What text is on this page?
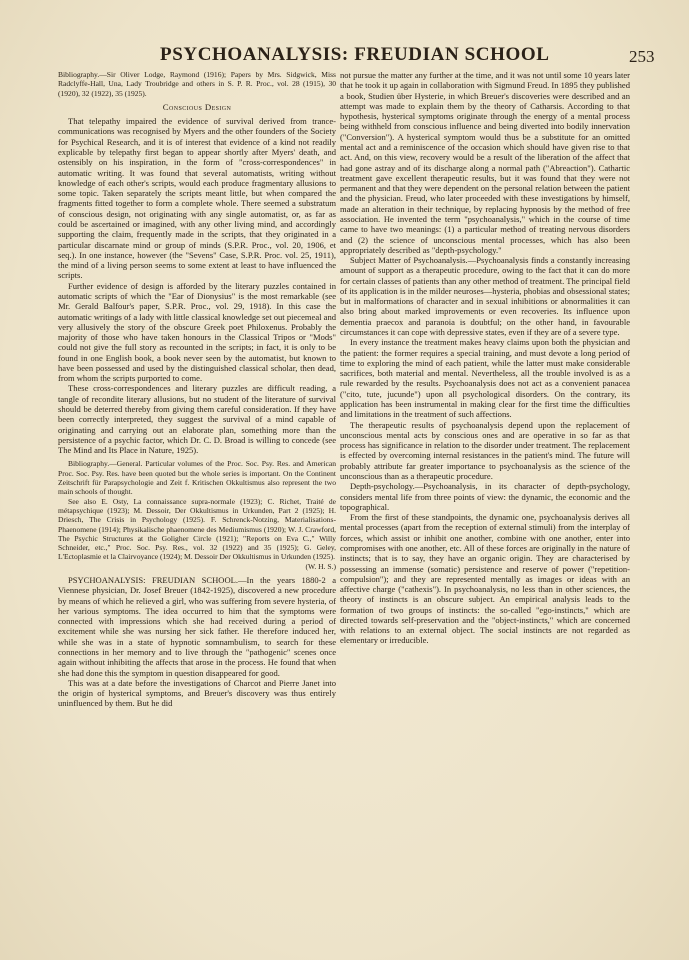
PSYCHOANALYSIS: FREUDIAN SCHOOL	253

Bibliography.—Sir Oliver Lodge, Raymond (1916); Papers by Mrs. Sidgwick, Miss Radclyffe-Hall, Una, Lady Troubridge and others in S. P. R. Proc., vol. 28 (1915), 30 (1920), 32 (1922), 35 (1925).

Conscious Design

That telepathy impaired the evidence of survival derived from trance-communications was recognised by Myers and the other founders of the Society for Psychical Research, and it is of interest that evidence of a kind not readily explicable by telepathy first began to appear shortly after Myers' death, and ostensibly on his inspiration, in the form of "cross-correspondences" in automatic writing. It was found that several automatists, writing without knowledge of each other's scripts, would each produce fragmentary allusions to some topic. Taken separately the scripts meant little, but when compared the fragments fitted together to form a complete whole. There seemed a substratum of conscious design, not originating with any single automatist, or, as far as could be ascertained or imagined, with any other living mind, and accordingly supporting the claim, frequently made in the scripts, that they originated in a particular discarnate mind or group of minds (S.P.R. Proc., vol. 20, 1906, et seq.). In one instance, however (the "Sevens" Case, S.P.R. Proc. vol. 25, 1911), the mind of a living person seems to some extent at least to have influenced the scripts.

Further evidence of design is afforded by the literary puzzles contained in automatic scripts of which the "Ear of Dionysius" is the most remarkable (see Mr. Gerald Balfour's paper, S.P.R. Proc., vol. 29, 1918). In this case the automatic writings of a lady with little classical knowledge set out piecemeal and very allusively the story of the obscure Greek poet Philoxenus. Probably the majority of those who have taken honours in the Classical Tripos or "Mods" could not give the full story as recounted in the scripts; in fact, it is only to be found in one English book, a book never seen by the automatist, but known to have been possessed and used by the distinguished classical scholar, then dead, from whom the scripts purported to come.

These cross-correspondences and literary puzzles are difficult reading, a tangle of recondite literary allusions, but no student of the literature of survival should be deterred thereby from giving them careful consideration. If they have been correctly interpreted, they suggest the survival of a mind capable of originating and carrying out an elaborate plan, something more than the persistence of a psychic factor, which Dr. C. D. Broad is willing to concede (see The Mind and Its Place in Nature, 1925).

Bibliography.—General. Particular volumes of the Proc. Soc. Psy. Res. and American Proc. Soc. Psy. Res. have been quoted but the whole series is important. On the Continent Zeitschrift für Parapsychologie and Zeit f. Kritischen Okkultismus also represent the two main schools of thought.

See also E. Osty, La connaissance supra-normale (1923); C. Richet, Traité de métapsychique (1923); M. Dessoir, Der Okkultismus in Urkunden, Part 2 (1925); H. Driesch, The Crisis in Psychology (1925). F. Schrenck-Notzing, Materialisations-Phaenomene (1914); Physikalische phaenomene des Mediumismus (1920); W. J. Crawford, The Psychic Structures at the Goligher Circle (1921); "Reports on Eva C.," Willy Schneider, etc.," Proc. Soc. Psy. Res., vol. 32 (1922) and 35 (1925); G. Geley, L'Ectoplasmie et la Clairvoyance (1924); M. Dessoir Der Okkultismus in Urkunden (1925).

(W. H. S.)

PSYCHOANALYSIS: FREUDIAN SCHOOL.—In the years 1880-2 a Viennese physician, Dr. Josef Breuer (1842-1925), discovered a new procedure by means of which he relieved a girl, who was suffering from severe hysteria, of her various symptoms. The idea occurred to him that the symptoms were connected with impressions which she had received during a period of excitement while she was nursing her sick father. He therefore induced her, while she was in a state of hypnotic somnambulism, to search for these connections in her memory and to live through the "pathogenic" scenes once again without inhibiting the affects that arose in the process. He found that when she had done this the symptom in question disappeared for good.

This was at a date before the investigations of Charcot and Pierre Janet into the origin of hysterical symptoms, and Breuer's discovery was thus entirely uninfluenced by them. But he did

not pursue the matter any further at the time, and it was not until some 10 years later that he took it up again in collaboration with Sigmund Freud. In 1895 they published a book, Studien über Hysterie, in which Breuer's discoveries were described and an attempt was made to explain them by the theory of Catharsis. According to that hypothesis, hysterical symptoms originate through the energy of a mental process being withheld from conscious influence and being diverted into bodily innervation ("Conversion"). A hysterical symptom would thus be a substitute for an omitted mental act and a reminiscence of the occasion which should have given rise to that act. And, on this view, recovery would be a result of the liberation of the affect that had gone astray and of its discharge along a normal path ("Abreaction"). Cathartic treatment gave excellent therapeutic results, but it was found that they were not permanent and that they were dependent on the personal relation between the patient and the physician. Freud, who later proceeded with these investigations by himself, made an alteration in their technique, by replacing hypnosis by the method of free association. He invented the term "psychoanalysis," which in the course of time came to have two meanings: (1) a particular method of treating nervous disorders and (2) the science of unconscious mental processes, which has also been appropriately described as "depth-psychology."

Subject Matter of Psychoanalysis.—Psychoanalysis finds a constantly increasing amount of support as a therapeutic procedure, owing to the fact that it can do more for certain classes of patients than any other method of treatment. The principal field of its application is in the milder neuroses—hysteria, phobias and obsessional states; but in malformations of character and in sexual inhibitions or abnormalities it can also bring about marked improvements or even recoveries. Its influence upon dementia praecox and paranoia is doubtful; on the other hand, in favourable circumstances it can cope with depressive states, even if they are of a severe type.

In every instance the treatment makes heavy claims upon both the physician and the patient: the former requires a special training, and must devote a long period of time to exploring the mind of each patient, while the latter must make considerable sacrifices, both material and mental. Nevertheless, all the trouble involved is as a rule rewarded by the results. Psychoanalysis does not act as a convenient panacea ("cito, tute, jucunde") upon all psychological disorders. On the contrary, its application has been instrumental in making clear for the first time the difficulties and limitations in the treatment of such affections.

The therapeutic results of psychoanalysis depend upon the replacement of unconscious mental acts by conscious ones and are operative in so far as that process has significance in relation to the disorder under treatment. The replacement is effected by overcoming internal resistances in the patient's mind. The future will probably attribute far greater importance to psychoanalysis as the science of the unconscious than as a therapeutic procedure.

Depth-psychology.—Psychoanalysis, in its character of depth-psychology, considers mental life from three points of view: the dynamic, the economic and the topographical.

From the first of these standpoints, the dynamic one, psychoanalysis derives all mental processes (apart from the reception of external stimuli) from the interplay of forces, which assist or inhibit one another, combine with one another, enter into compromises with one another, etc. All of these forces are originally in the nature of instincts; that is to say, they have an organic origin. They are characterised by possessing an immense (somatic) persistence and reserve of power ("repetition-compulsion"); and they are represented mentally as images or ideas with an affective charge ("cathexis"). In psychoanalysis, no less than in other sciences, the theory of instincts is an obscure subject. An empirical analysis leads to the formation of two groups of instincts: the so-called "ego-instincts," which are directed towards self-preservation and the "object-instincts," which are concerned with relations to an external object. The social instincts are not regarded as elementary or irreducible.
